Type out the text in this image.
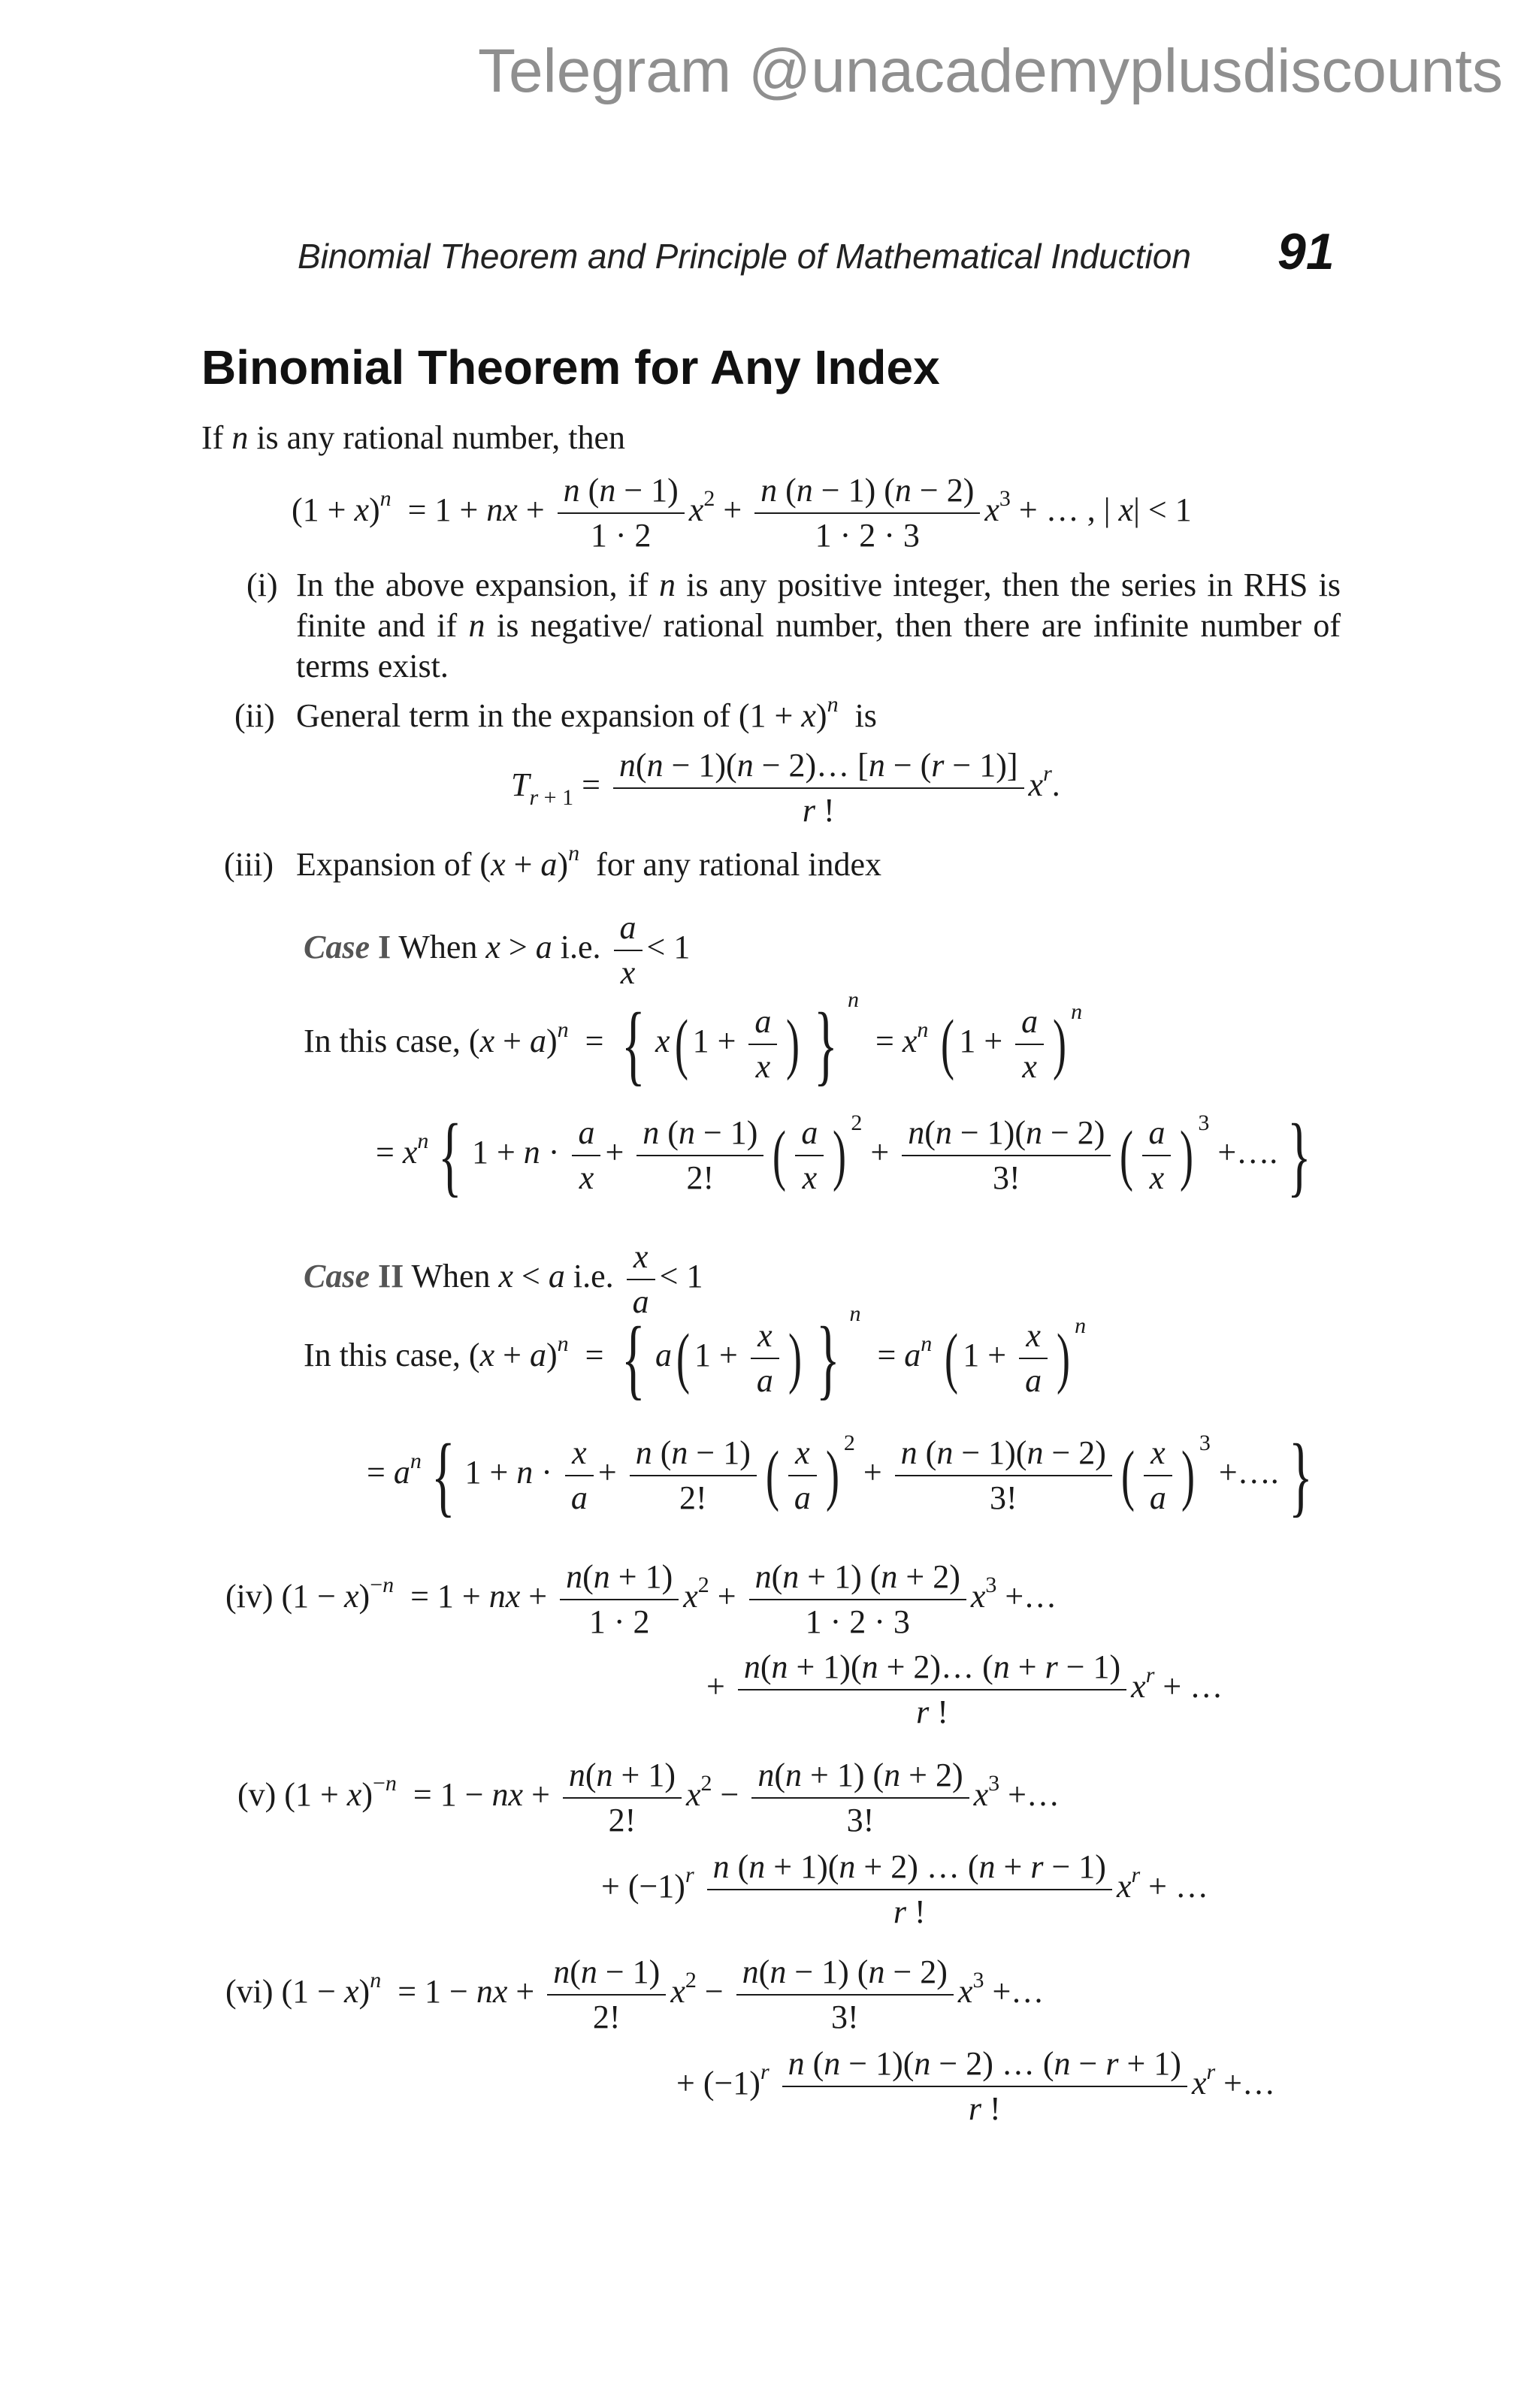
Telegram @unacademyplusdiscounts
Binomial Theorem and Principle of Mathematical Induction 91
Binomial Theorem for Any Index
If n is any rational number, then
$(1 + x)^n = 1$ + nx + $\frac{n (n - 1)}{1 \cdot 2} x^2 + \frac{n (n - 1) (n - 2)}{1 \cdot 2 \cdot 3} x^3$ + … , | x| < 1
(i) In the above expansion, if n is any positive integer, then the series in RHS is finite and if n is negative/ rational number, then there are infinite number of terms exist.
(ii) General term in the expansion of $(1 + x)^n$  is
$T_{r + 1} = \frac{n(n - 1)(n - 2)\dots [n - (r - 1)]}{r !} x^r$.
(iii) Expansion of $(x + a)^n$  for any rational index
Case I When x > a i.e. $\frac{a}{x} < 1$
In this case, $(x + a)^n$  = { x( $1 + \frac{a}{x}$ ) } $^n = x^n$ ( $1 + \frac{a}{x}$ ) $^n$
= $x^n$ { $1 + n \cdot \frac{a}{x} + \frac{n (n - 1)}{2!}$ ( $\frac{a}{x}$ ) $^2 + \frac{n(n - 1)(n - 2)}{3!}$ ( $\frac{a}{x}$ ) $^3$ +…. }
Case II When x < a i.e. $\frac{x}{a} < 1$
In this case, $(x + a)^n$  = { a( $1 + \frac{x}{a}$ ) } $^n = a^n$ ( $1 + \frac{x}{a}$ ) $^n$
= $a^n$ { $1 + n \cdot \frac{x}{a} + \frac{n (n - 1)}{2!}$ ( $\frac{x}{a}$ ) $^2 + \frac{n (n - 1)(n - 2)}{3!}$ ( $\frac{x}{a}$ ) $^3$ +…. }
(iv) $(1 - x)^{-n} = 1$ + nx + $\frac{n(n + 1)}{1 \cdot 2} x^2 + \frac{n(n + 1) (n + 2)}{1 \cdot 2 \cdot 3} x^3$ +…
+ $\frac{n(n + 1)(n + 2)\dots (n + r - 1)}{r !} x^r$ + …
(v) $(1 + x)^{-n} = 1$ − nx + $\frac{n(n + 1)}{2!} x^2 - \frac{n(n + 1) (n + 2)}{3!} x^3$ +…
+ $(-1)^r \frac{n (n + 1)(n + 2) \dots (n + r - 1)}{r !} x^r$ + …
(vi) $(1 - x)^n = 1$ − nx + $\frac{n(n - 1)}{2!} x^2 - \frac{n(n - 1) (n - 2)}{3!} x^3$ +…
+ $(-1)^r \frac{n (n - 1)(n - 2) \dots (n - r + 1)}{r !} x^r$ +…
